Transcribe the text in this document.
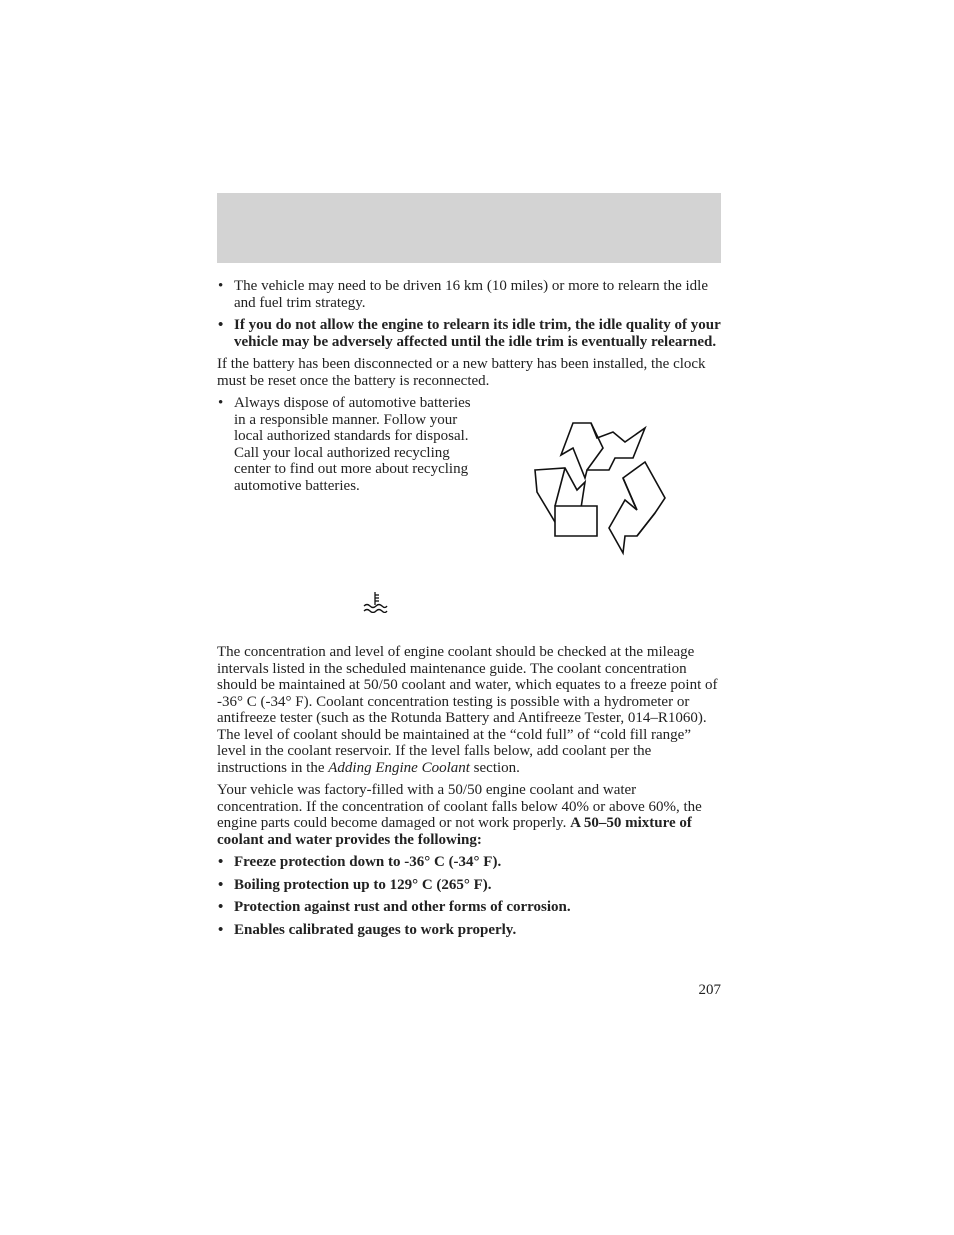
• The vehicle may need to be driven 16 km (10 miles) or more to relearn the idle and fuel trim strategy.

• If you do not allow the engine to relearn its idle trim, the idle quality of your vehicle may be adversely affected until the idle trim is eventually relearned.

If the battery has been disconnected or a new battery has been installed, the clock must be reset once the battery is reconnected.

• Always dispose of automotive batteries in a responsible manner. Follow your local authorized standards for disposal. Call your local authorized recycling center to find out more about recycling automotive batteries.

The concentration and level of engine coolant should be checked at the mileage intervals listed in the scheduled maintenance guide. The coolant concentration should be maintained at 50/50 coolant and water, which equates to a freeze point of -36° C (-34° F). Coolant concentration testing is possible with a hydrometer or antifreeze tester (such as the Rotunda Battery and Antifreeze Tester, 014–R1060). The level of coolant should be maintained at the “cold full” of “cold fill range” level in the coolant reservoir. If the level falls below, add coolant per the instructions in the Adding Engine Coolant section.

Your vehicle was factory-filled with a 50/50 engine coolant and water concentration. If the concentration of coolant falls below 40% or above 60%, the engine parts could become damaged or not work properly. A 50–50 mixture of coolant and water provides the following:

• Freeze protection down to -36° C (-34° F).

• Boiling protection up to 129° C (265° F).

• Protection against rust and other forms of corrosion.

• Enables calibrated gauges to work properly.

207
